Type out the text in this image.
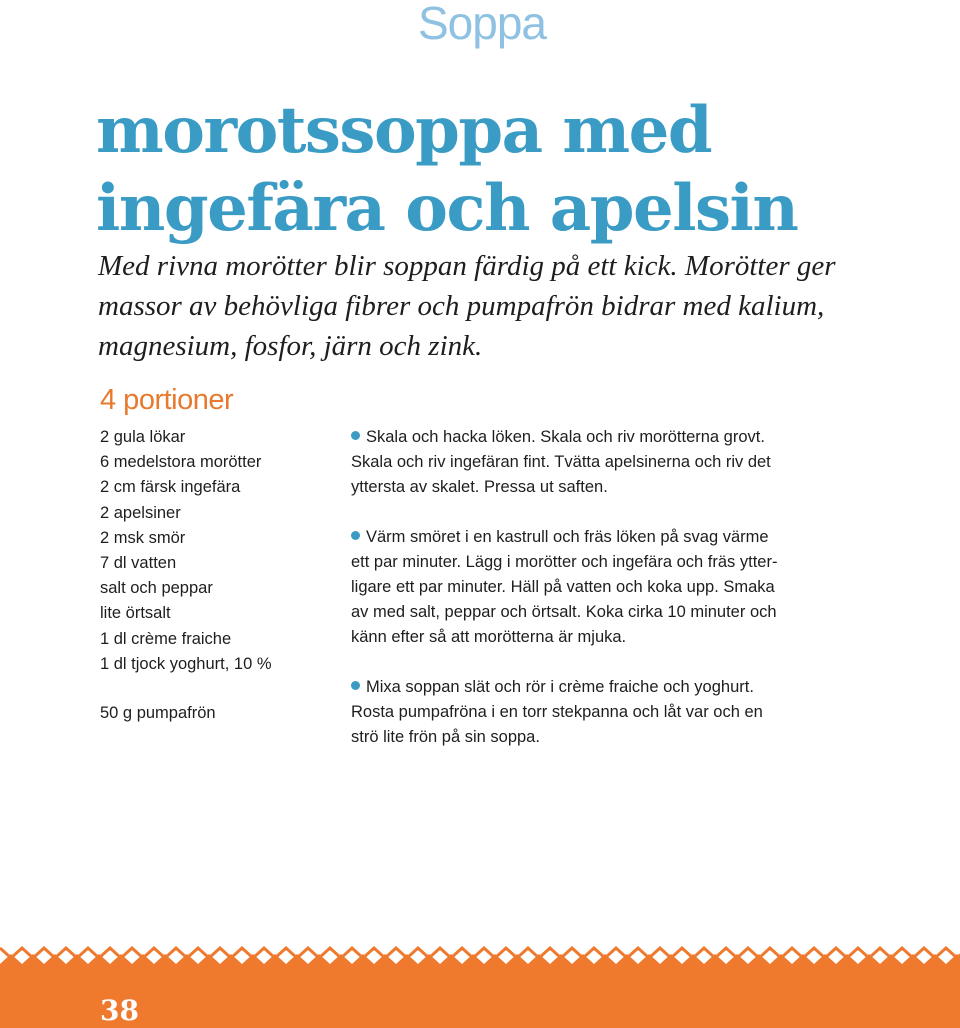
Soppa
morotssoppa med
ingefära och apelsin

Med rivna morötter blir soppan färdig på ett kick. Morötter ger
massor av behövliga fibrer och pumpafrön bidrar med kalium,
magnesium, fosfor, järn och zink.

4 portioner
2 gula lökar
6 medelstora morötter
2 cm färsk ingefära
2 apelsiner
2 msk smör
7 dl vatten
salt och peppar
lite örtsalt
1 dl crème fraiche
1 dl tjock yoghurt, 10 %
50 g pumpafrön

Skala och hacka löken. Skala och riv morötterna grovt.
Skala och riv ingefäran fint. Tvätta apelsinerna och riv det
yttersta av skalet. Pressa ut saften.

Värm smöret i en kastrull och fräs löken på svag värme
ett par minuter. Lägg i morötter och ingefära och fräs ytter-
ligare ett par minuter. Häll på vatten och koka upp. Smaka
av med salt, peppar och örtsalt. Koka cirka 10 minuter och
känn efter så att morötterna är mjuka.

Mixa soppan slät och rör i crème fraiche och yoghurt.
Rosta pumpafröna i en torr stekpanna och låt var och en
strö lite frön på sin soppa.

38
